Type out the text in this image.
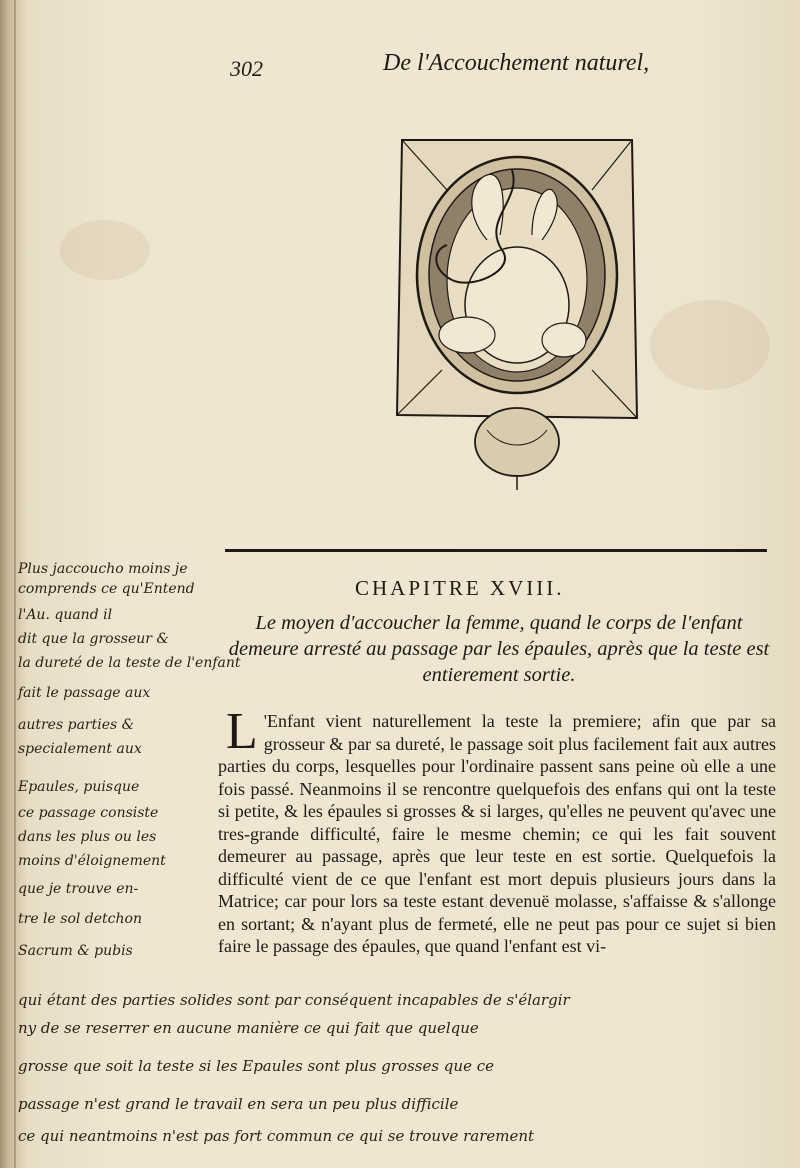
302	De l'Accouchement naturel,
CHAPITRE XVIII.

Le moyen d'accoucher la femme, quand le corps de l'enfant demeure arresté au passage par les épaules, après que la teste est entierement sortie.

L 'Enfant vient naturellement la teste la premiere; afin que par sa grosseur & par sa dureté, le passage soit plus facilement fait aux autres parties du corps, lesquelles pour l'ordinaire passent sans peine où elle a une fois passé. Neanmoins il se rencontre quelquefois des enfans qui ont la teste si petite, & les épaules si grosses & si larges, qu'elles ne peuvent qu'avec une tres-grande difficulté, faire le mesme chemin; ce qui les fait souvent demeurer au passage, après que leur teste en est sortie. Quelquefois la difficulté vient de ce que l'enfant est mort depuis plusieurs jours dans la Matrice; car pour lors sa teste estant devenuë molasse, s'affaisse & s'allonge en sortant; & n'ayant plus de fermeté, elle ne peut pas pour ce sujet si bien faire le passage des épaules, que quand l'enfant est vi-

Plus jaccoucho moins je
comprends ce qu'Entend
l'Au. quand il
dit que la grosseur &
la dureté de la teste de l'enfant
fait le passage aux
autres parties &
specialement aux
Epaules, puisque
ce passage consiste
dans les plus ou les
moins d'éloignement
que je trouve en-
tre le sol detchon
Sacrum & pubis
qui étant des parties solides sont par conséquent incapables de s'élargir
ny de se reserrer en aucune manière ce qui fait que quelque
grosse que soit la teste si les Epaules sont plus grosses que ce
passage n'est grand le travail en sera un peu plus difficile
ce qui neantmoins n'est pas fort commun ce qui se trouve rarement
